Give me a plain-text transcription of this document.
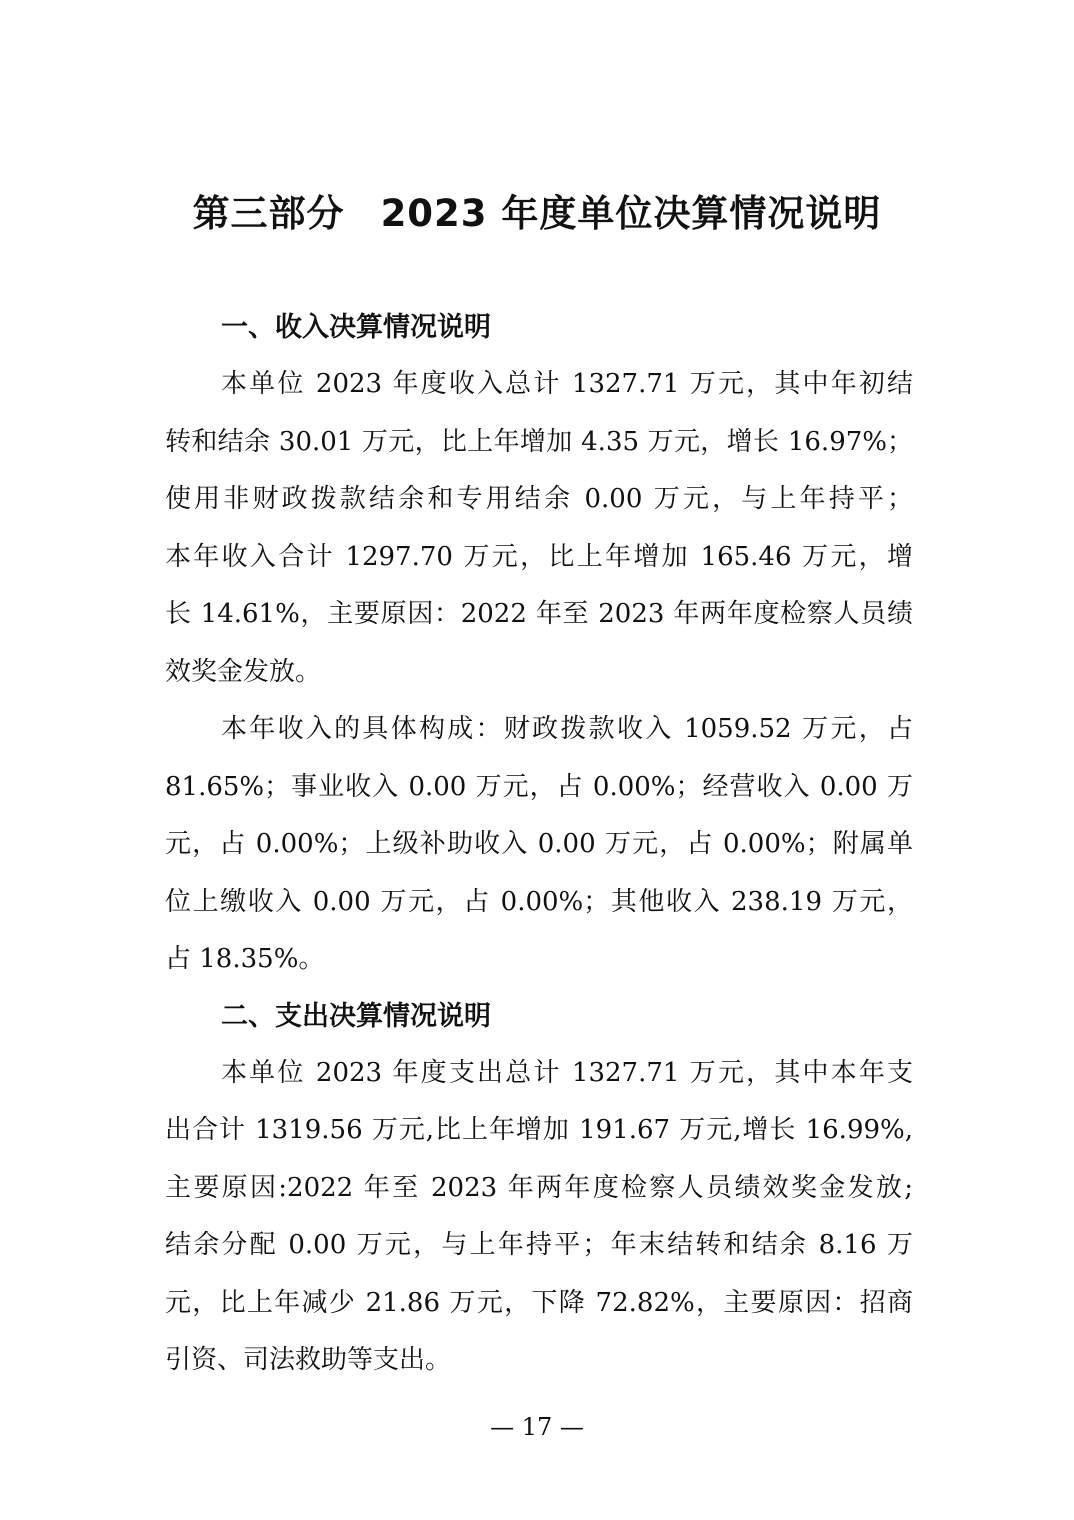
第三部分 2023 年度单位决算情况说明
一、收入决算情况说明

本单位 2023 年度收入总计 1327.71 万元，其中年初结
转和结余 30.01 万元，比上年增加 4.35 万元，增长 16.97%；
使用非财政拨款结余和专用结余 0.00 万元，与上年持平；
本年收入合计 1297.70 万元，比上年增加 165.46 万元，增
长 14.61%，主要原因：2022 年至 2023 年两年度检察人员绩
效奖金发放。

本年收入的具体构成：财政拨款收入 1059.52 万元，占
81.65%；事业收入 0.00 万元，占 0.00%；经营收入 0.00 万
元，占 0.00%；上级补助收入 0.00 万元，占 0.00%；附属单
位上缴收入 0.00 万元，占 0.00%；其他收入 238.19 万元，
占 18.35%。

二、支出决算情况说明

本单位 2023 年度支出总计 1327.71 万元，其中本年支
出合计 1319.56 万元,比上年增加 191.67 万元,增长 16.99%,
主要原因:2022 年至 2023 年两年度检察人员绩效奖金发放;
结余分配 0.00 万元，与上年持平；年末结转和结余 8.16 万
元，比上年减少 21.86 万元，下降 72.82%，主要原因：招商
引资、司法救助等支出。

— 17 —
